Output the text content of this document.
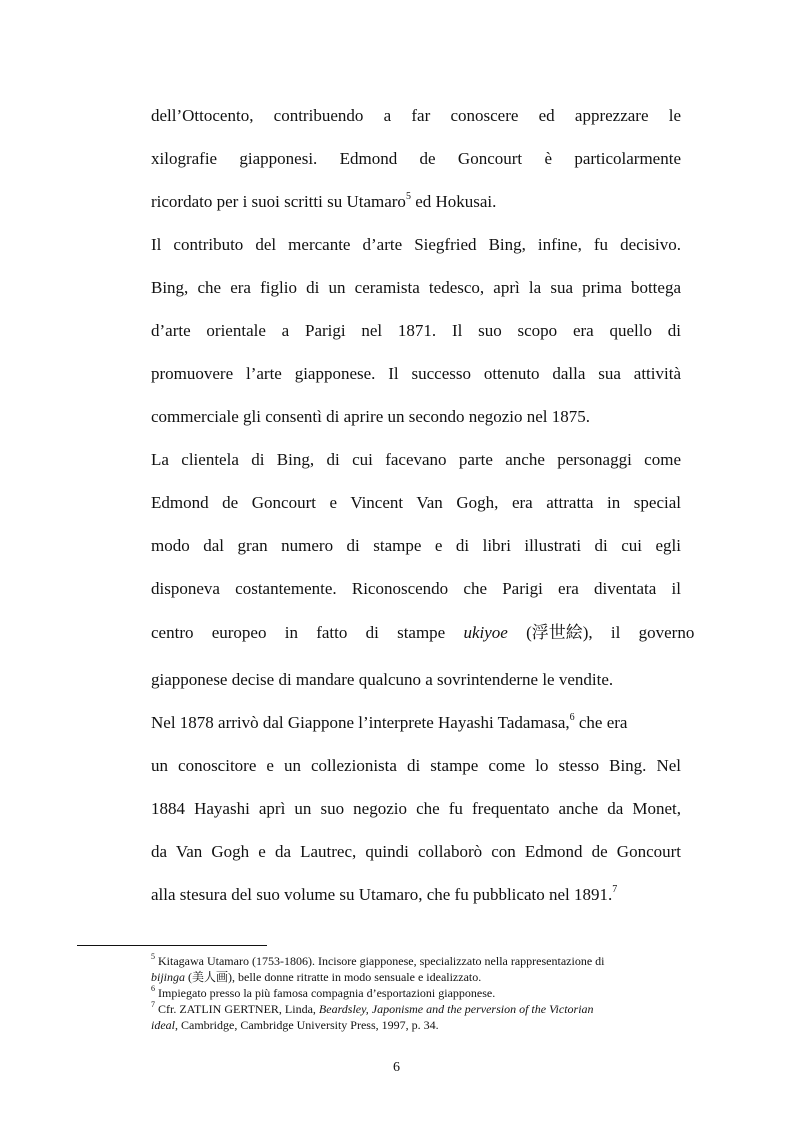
dell’Ottocento, contribuendo a far conoscere ed apprezzare le
xilografie giapponesi. Edmond de Goncourt è particolarmente
ricordato per i suoi scritti su Utamaro$^5$ ed Hokusai.
Il contributo del mercante d’arte Siegfried Bing, infine, fu decisivo.
Bing, che era figlio di un ceramista tedesco, aprì la sua prima bottega
d’arte orientale a Parigi nel 1871. Il suo scopo era quello di
promuovere l’arte giapponese. Il successo ottenuto dalla sua attività
commerciale gli consentì di aprire un secondo negozio nel 1875.
La clientela di Bing, di cui facevano parte anche personaggi come
Edmond de Goncourt e Vincent Van Gogh, era attratta in special
modo dal gran numero di stampe e di libri illustrati di cui egli
disponeva costantemente. Riconoscendo che Parigi era diventata il
centro europeo in fatto di stampe ukiyoe (浮世絵), il governo
giapponese decise di mandare qualcuno a sovrintenderne le vendite.
Nel 1878 arrivò dal Giappone l’interprete Hayashi Tadamasa,$^6$ che era
un conoscitore e un collezionista di stampe come lo stesso Bing. Nel
1884 Hayashi aprì un suo negozio che fu frequentato anche da Monet,
da Van Gogh e da Lautrec, quindi collaborò con Edmond de Goncourt
alla stesura del suo volume su Utamaro, che fu pubblicato nel 1891.$^7$
$^5$ Kitagawa Utamaro (1753-1806). Incisore giapponese, specializzato nella rappresentazione di
bijinga (美人画), belle donne ritratte in modo sensuale e idealizzato.
$^6$ Impiegato presso la più famosa compagnia d’esportazioni giapponese.
$^7$ Cfr. ZATLIN GERTNER, Linda, Beardsley, Japonisme and the perversion of the Victorian
ideal, Cambridge, Cambridge University Press, 1997, p. 34.
6
